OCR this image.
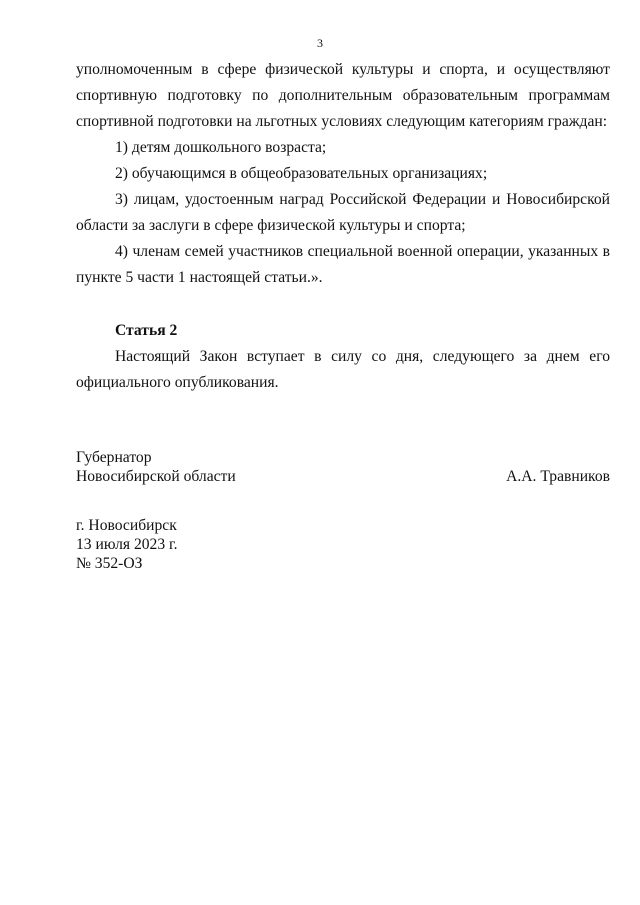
3

уполномоченным в сфере физической культуры и спорта, и осуществляют спортивную подготовку по дополнительным образовательным программам спортивной подготовки на льготных условиях следующим категориям граждан:

1) детям дошкольного возраста;

2) обучающимся в общеобразовательных организациях;

3) лицам, удостоенным наград Российской Федерации и Новосибирской области за заслуги в сфере физической культуры и спорта;

4) членам семей участников специальной военной операции, указанных в пункте 5 части 1 настоящей статьи.».

Статья 2

Настоящий Закон вступает в силу со дня, следующего за днем его официального опубликования.

Губернатор
Новосибирской области	А.А. Травников
г. Новосибирск
13 июля 2023 г.
№ 352-ОЗ
